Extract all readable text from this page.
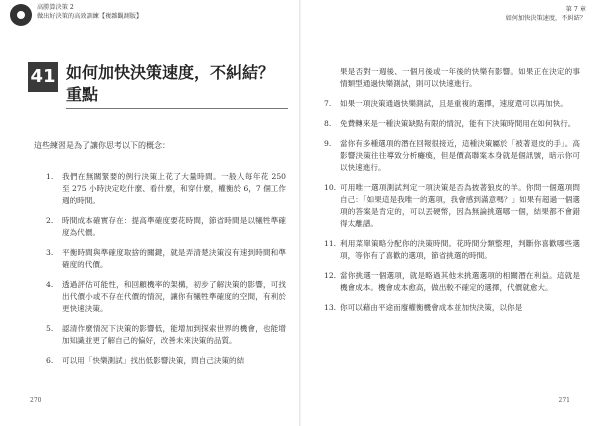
高勝算決策 2
做出好決策的高效訓練【複雜觀測版】
41 如何加快決策速度，不糾結？
重點
這些練習是為了讓你思考以下的概念：
1.	我們在無關緊要的例行決策上花了大量時間。一般人每年花 250 至 275 小時決定吃什麼、看什麼，和穿什麼，權衡於 6，7 個工作週的時間。
2.	時間成本確實存在：提高準確度要花時間，節省時間是以犧牲準確度為代價。
3.	平衡時間與準確度取捨的關鍵，就是弄清楚決策沒有速到時間和準確度的代價。
4.	透過評估可能性，和回顧機率的架構，初步了解決策的影響，可找出代價小或不存在代價的情況，讓你有犧牲準確度的空間，有利於更快速決策。
5.	認清作麼情況下決策的影響低，能增加到探索世界的機會，也能增加知識並更了解自己的偏好，改善未來決策的品質。
6.	可以用「快樂測試」找出低影響決策，問自己決策的結
270
第 7 章
如何加快決策速度，不糾結？
果是否對一週後、一個月後或一年後的快樂有影響。如果正在決定的事情類型通過快樂測試，則可以快速進行。
7.	如果一項決策通過快樂測試，且是重複的選擇，速度還可以再加快。
8.	免費轉來是一種決策缺點有限的情況，能有下決策時間用在如何執行。
9.	當你有多種選項的潛在回報很接近，這種決策屬於「被著退皮的手」。高影響決策往往導致分析癱瘓，但是價高聯案本身就是個訊號，暗示你可以快速進行。
10. 可用唯一選項測試判定一項決策是否為披著狼皮的羊。你問一個選項問自己：「如果這是我唯一的選項，我會感到滿意嗎？」如果有超過一個選項的答案是肯定的，可以丟硬幣，因為無論挑選哪一個，結果都不會錯得太離譜。
11. 利用菜單策略分配你的決策時間。花時間分類整理，判斷你喜歡哪些選項，等你有了喜歡的選項，節省挑選的時間。
12. 當你挑選一個選項，就是略過其他未挑選選項的相關潛在利益。這就是機會成本。機會成本愈高，做出較不確定的選擇，代價就愈大。
13. 你可以藉由平途而廢權衡機會成本並加快決策，以你是
271
